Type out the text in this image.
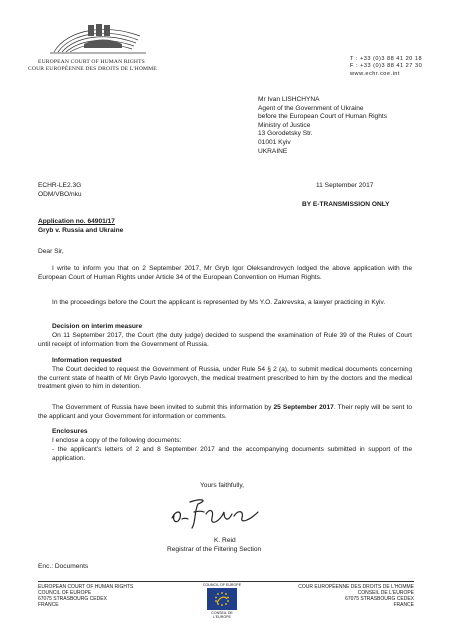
EUROPEAN COURT OF HUMAN RIGHTS
COUR EUROPÉENNE DES DROITS DE L'HOMME
T : +33 (0)3 88 41 20 18
F : +33 (0)3 88 41 27 30
www.echr.coe.int
Mr Ivan LISHCHYNA
Agent of the Government of Ukraine
before the European Court of Human Rights
Ministry of Justice
13 Gorodetsky Str.
01001 Kyiv
UKRAINE
ECHR-LE2.3G
ODM/VBO/nku
11 September 2017
BY E-TRANSMISSION ONLY
Application no. 64901/17
Gryb v. Russia and Ukraine
Dear Sir,
I write to inform you that on 2 September 2017, Mr Gryb Igor Oleksandrovych lodged the above application with the European Court of Human Rights under Article 34 of the European Convention on Human Rights.
In the proceedings before the Court the applicant is represented by Ms Y.O. Zakrevska, a lawyer practicing in Kyiv.
Decision on interim measure
On 11 September 2017, the Court (the duty judge) decided to suspend the examination of Rule 39 of the Rules of Court until receipt of information from the Government of Russia.
Information requested
The Court decided to request the Government of Russia, under Rule 54 § 2 (a), to submit medical documents concerning the current state of health of Mr Gryb Pavlo Igorovych, the medical treatment prescribed to him by the doctors and the medical treatment given to him in detention.
The Government of Russia have been invited to submit this information by 25 September 2017. Their reply will be sent to the applicant and your Government for information or comments.
Enclosures
I enclose a copy of the following documents:
- the applicant's letters of 2 and 8 September 2017 and the accompanying documents submitted in support of the application.
Yours faithfully,
K. Reid
Registrar of the Filtering Section
Enc.: Documents
EUROPEAN COURT OF HUMAN RIGHTS
COUNCIL OF EUROPE
67075 STRASBOURG CEDEX
FRANCE
COUNCIL OF EUROPE
CONSEIL DE L'EUROPE
COUR EUROPÉENNE DES DROITS DE L'HOMME
CONSEIL DE L'EUROPE
67075 STRASBOURG CEDEX
FRANCE
